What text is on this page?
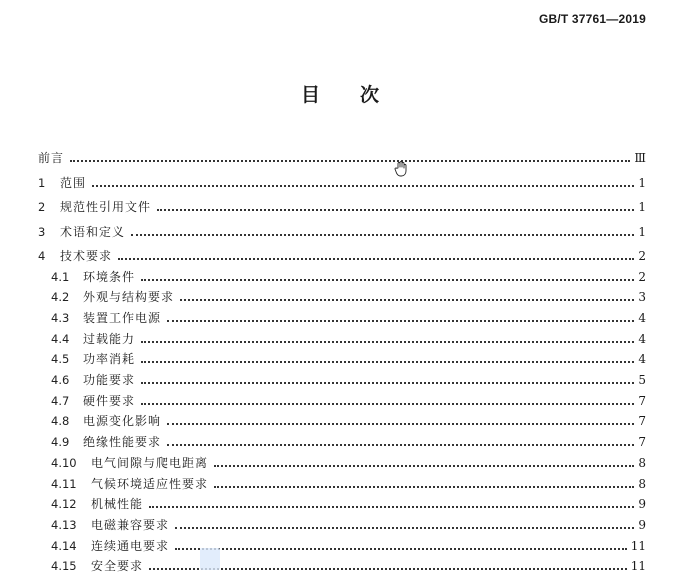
GB/T 37761—2019
目次
前言	Ⅲ
1	范围	1
2	规范性引用文件	1
3	术语和定义	1
4	技术要求	2
4.1	环境条件	2
4.2	外观与结构要求	3
4.3	装置工作电源	4
4.4	过载能力	4
4.5	功率消耗	4
4.6	功能要求	5
4.7	硬件要求	7
4.8	电源变化影响	7
4.9	绝缘性能要求	7
4.10	电气间隙与爬电距离	8
4.11	气候环境适应性要求	8
4.12	机械性能	9
4.13	电磁兼容要求	9
4.14	连续通电要求	11
4.15	安全要求	11
